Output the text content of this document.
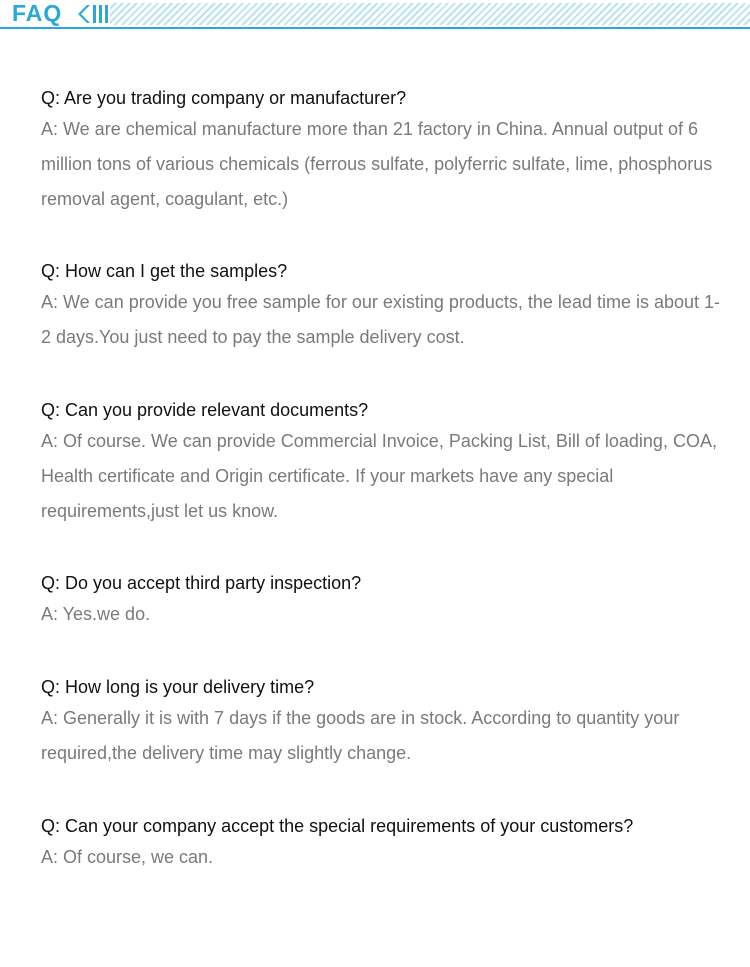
FAQ

Q: Are you trading company or manufacturer?

A: We are chemical manufacture more than 21 factory in China. Annual output of 6 million tons of various chemicals (ferrous sulfate, polyferric sulfate, lime, phosphorus removal agent, coagulant, etc.)

Q: How can I get the samples?

A: We can provide you free sample for our existing products, the lead time is about 1-2 days.You just need to pay the sample delivery cost.

Q: Can you provide relevant documents?

A: Of course. We can provide Commercial Invoice, Packing List, Bill of loading, COA, Health certificate and Origin certificate. If your markets have any special requirements,just let us know.

Q: Do you accept third party inspection?

A: Yes.we do.

Q: How long is your delivery time?

A: Generally it is with 7 days if the goods are in stock. According to quantity your required,the delivery time may slightly change.

Q: Can your company accept the special requirements of your customers?

A: Of course, we can.
